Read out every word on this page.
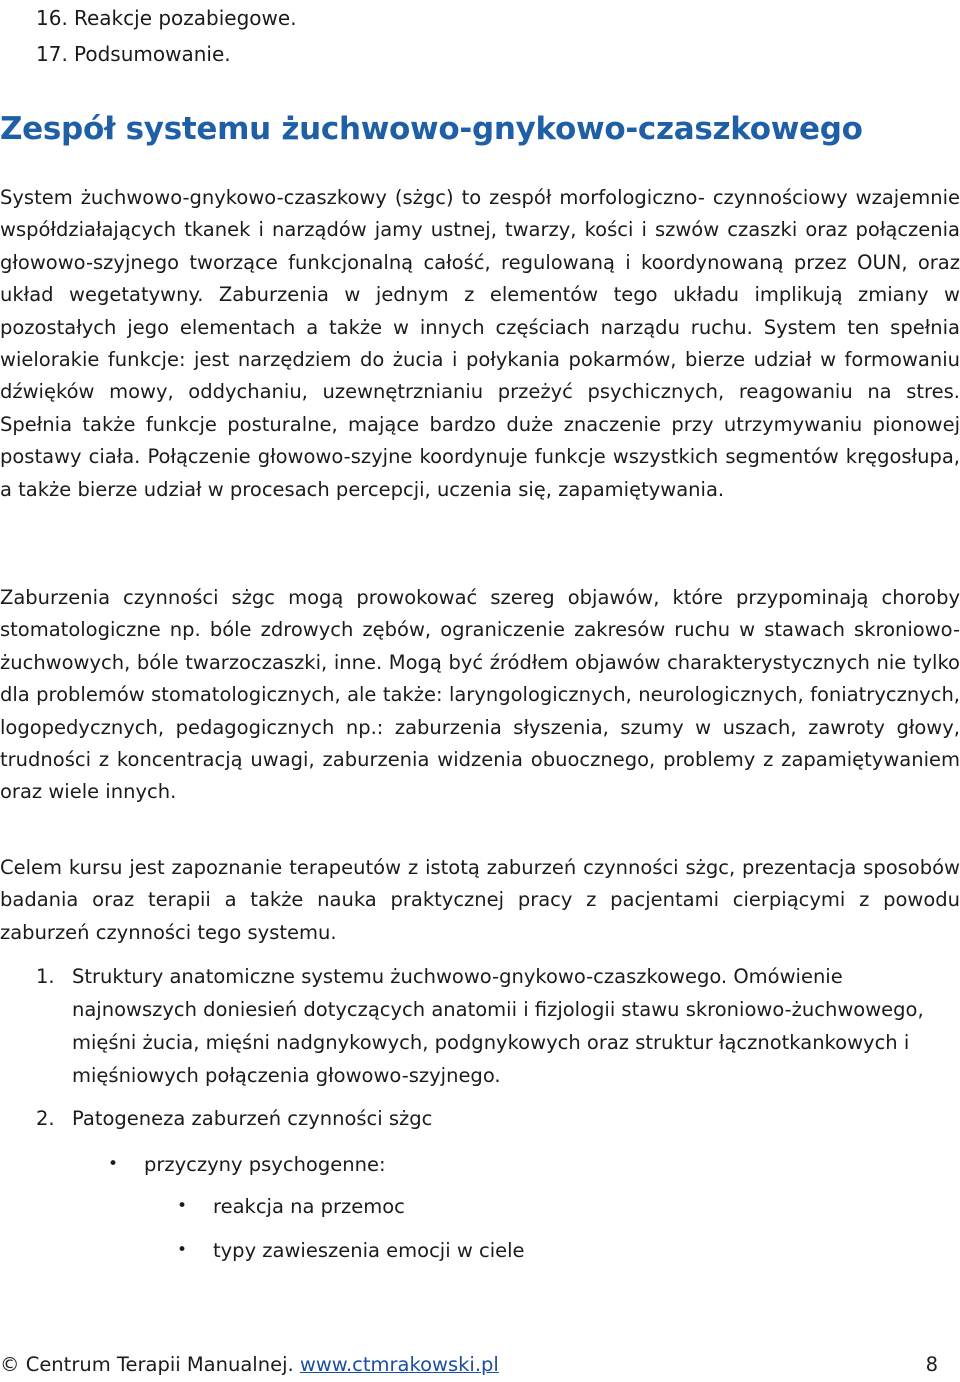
16. Reakcje pozabiegowe.
17. Podsumowanie.
Zespół systemu żuchwowo-gnykowo-czaszkowego

System żuchwowo-gnykowo-czaszkowy (sżgc) to zespół morfologiczno- czynnościowy wzajemnie współdziałających tkanek i narządów jamy ustnej, twarzy, kości i szwów czaszki oraz połączenia głowowo-szyjnego tworzące funkcjonalną całość, regulowaną i koordynowaną przez OUN, oraz układ wegetatywny. Zaburzenia w jednym z elementów tego układu implikują zmiany w pozostałych jego elementach a także w innych częściach narządu ruchu. System ten spełnia wielorakie funkcje: jest narzędziem do żucia i połykania pokarmów, bierze udział w formowaniu dźwięków mowy, oddychaniu, uzewnętrznianiu przeżyć psychicznych, reagowaniu na stres. Spełnia także funkcje posturalne, mające bardzo duże znaczenie przy utrzymywaniu pionowej postawy ciała. Połączenie głowowo-szyjne koordynuje funkcje wszystkich segmentów kręgosłupa, a także bierze udział w procesach percepcji, uczenia się, zapamiętywania.

Zaburzenia czynności sżgc mogą prowokować szereg objawów, które przypominają choroby stomatologiczne np. bóle zdrowych zębów, ograniczenie zakresów ruchu w stawach skroniowo-żuchwowych, bóle twarzoczaszki, inne. Mogą być źródłem objawów charakterystycznych nie tylko dla problemów stomatologicznych, ale także: laryngologicznych, neurologicznych, foniatrycznych, logopedycznych, pedagogicznych np.: zaburzenia słyszenia, szumy w uszach, zawroty głowy, trudności z koncentracją uwagi, zaburzenia widzenia obuocznego, problemy z zapamiętywaniem oraz wiele innych.

Celem kursu jest zapoznanie terapeutów z istotą zaburzeń czynności sżgc, prezentacja sposobów badania oraz terapii a także nauka praktycznej pracy z pacjentami cierpiącymi z powodu zaburzeń czynności tego systemu.

1. Struktury anatomiczne systemu żuchwowo-gnykowo-czaszkowego. Omówienie najnowszych doniesień dotyczących anatomii i fizjologii stawu skroniowo-żuchwowego, mięśni żucia, mięśni nadgnykowych, podgnykowych oraz struktur łącznotkankowych i mięśniowych połączenia głowowo-szyjnego.
2. Patogeneza zaburzeń czynności sżgc
• przyczyny psychogenne:
• reakcja na przemoc
• typy zawieszenia emocji w ciele
© Centrum Terapii Manualnej. www.ctmrakowski.pl	8
